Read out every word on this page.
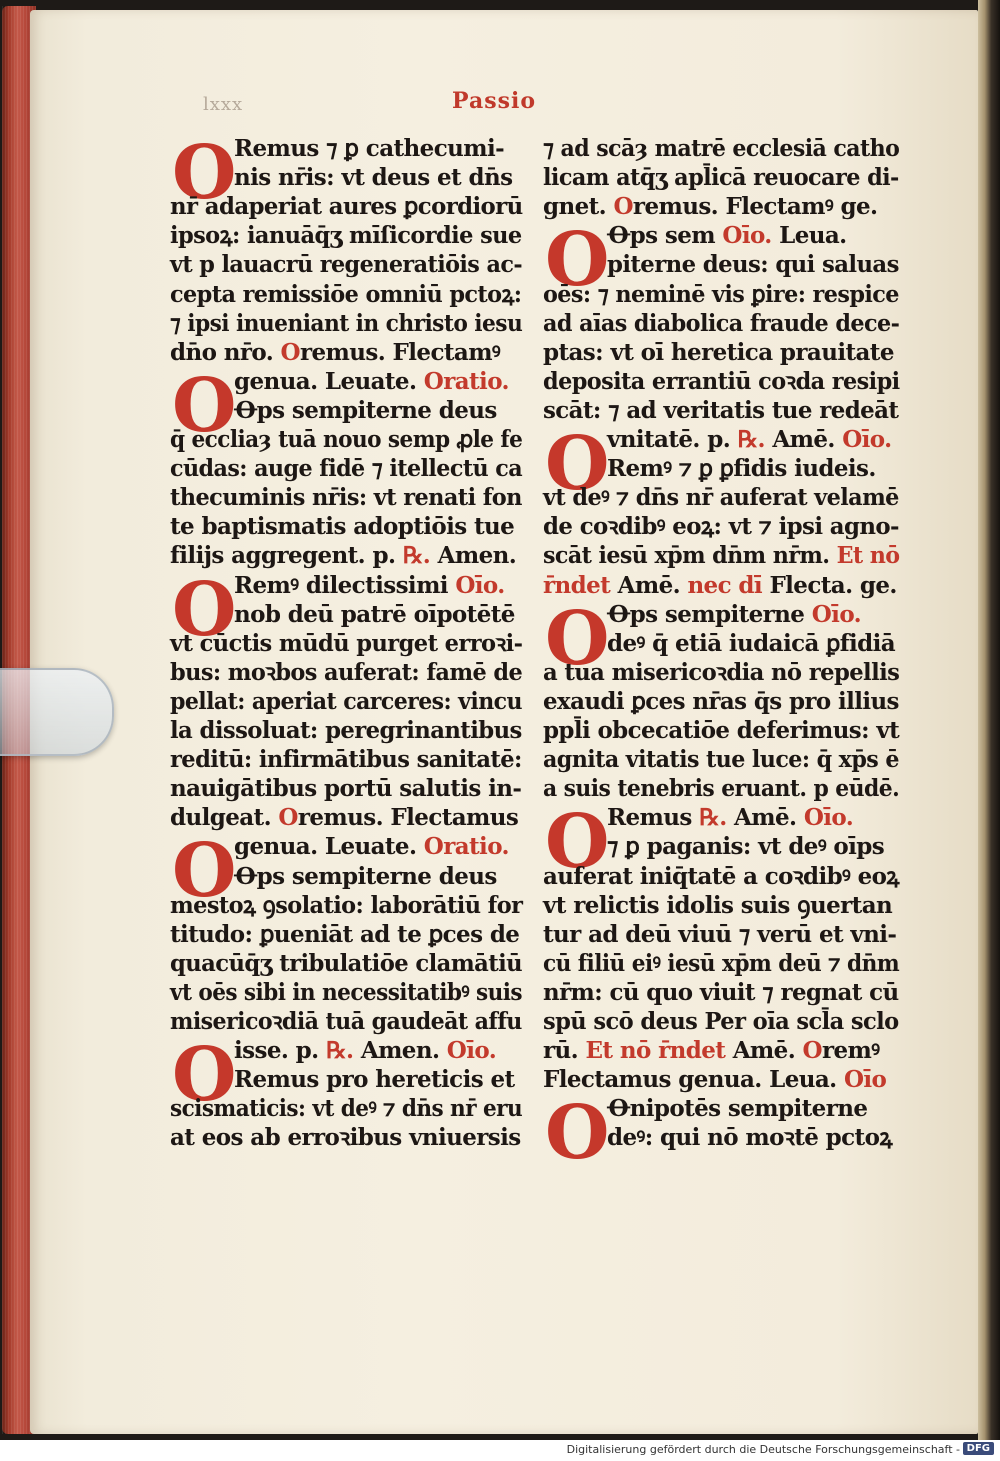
lxxx	Passio
O
Remus ⁊ ꝑ cathecumi-
nis nr̄is: vt deus et dn̄s
nr̄ adaperiat aures ꝑcordiorū
ipsoꝝ: ianuāq̄ʒ mīſicordie sue
vt p lauacrū regeneratiōis ac-
cepta remissiōe omniū pctoꝝ:
⁊ ipsi inueniant in christo iesu
dn̄o nr̄o. Oremus. Flectamꝰ
O
genua. Leuate. Oratio.
Ꝋps sempiterne deus
q̄ eccliaȝ tuā nouo semp ꝓle fe
cūdas: auge fidē ⁊ itellectū ca
thecuminis nr̄is: vt renati fon
te baptismatis adoptiōis tue
filijs aggregent. p. ℞. Amen.
O
Remꝰ dilectissimi Oīo.
nob deū patrē oīpotētē
vt cūctis mūdū purget erroꝛi-
bus: moꝛbos auferat: famē de
pellat: aperiat carceres: vincu
la dissoluat: peregrinantibus
reditū: infirmātibus sanitatē:
nauigātibus portū salutis in-
dulgeat. Oremus. Flectamus
O
genua. Leuate. Oratio.
Ꝋps sempiterne deus
mestoꝝ ꝯsolatio: laborātiū for
titudo: ꝑueniāt ad te ꝑces de
quacūq̄ʒ tribulatiōe clamātiū
vt oēs sibi in necessitatibꝰ suis
misericoꝛdiā tuā gaudeāt affu
O
isse. p. ℞. Amen. Oīo.
Remus pro hereticis et
scismaticis: vt deꝰ ⁊ dn̄s nr̄ eru
at eos ab erroꝛibus vniuersis
⁊ ad scāȝ matrē ecclesiā catho
licam atq̄ʒ apl̄icā reuocare di-
gnet. Oremus. Flectamꝰ ge.
O
Ꝋps sem Oīo. Leua.
piterne deus: qui saluas
oēs: ⁊ neminē vis ꝑire: respice
ad aīas diabolica fraude dece-
ptas: vt oī heretica prauitate
deposita errantiū coꝛda resipi
scāt: ⁊ ad veritatis tue redeāt
O
vnitatē. p. ℞. Amē. Oīo.
Remꝰ ⁊ ꝑ ꝑfidis iudeis.
vt deꝰ ⁊ dn̄s nr̄ auferat velamē
de coꝛdibꝰ eoꝝ: vt ⁊ ipsi agno-
scāt iesū xp̄m dn̄m nr̄m. Et nō
r̄ndet Amē. nec dī Flecta. ge.
O
Ꝋps sempiterne Oīo.
deꝰ q̄ etiā iudaicā ꝑfidiā
a tua misericoꝛdia nō repellis
exaudi ꝑces nr̄as q̄s pro illius
ppl̄i obcecatiōe deferimus: vt
agnita vitatis tue luce: q̄ xp̄s ē
a suis tenebris eruant. p eūdē.
O
Remus ℞. Amē. Oīo.
⁊ ꝑ paganis: vt deꝰ oīps
auferat iniq̄tatē a coꝛdibꝰ eoꝝ
vt relictis idolis suis ꝯuertan
tur ad deū viuū ⁊ verū et vni-
cū filiū eiꝰ iesū xp̄m deū ⁊ dn̄m
nr̄m: cū quo viuit ⁊ regnat cū
spū scō deus Per oīa scl̄a sclo
rū. Et nō r̄ndet Amē. Oremꝰ
Flectamus genua. Leua. Oīo
O
Ꝋnipotēs sempiterne
deꝰ: qui nō moꝛtē pctoꝝ
Digitalisierung gefördert durch die Deutsche Forschungsgemeinschaft - DFG
